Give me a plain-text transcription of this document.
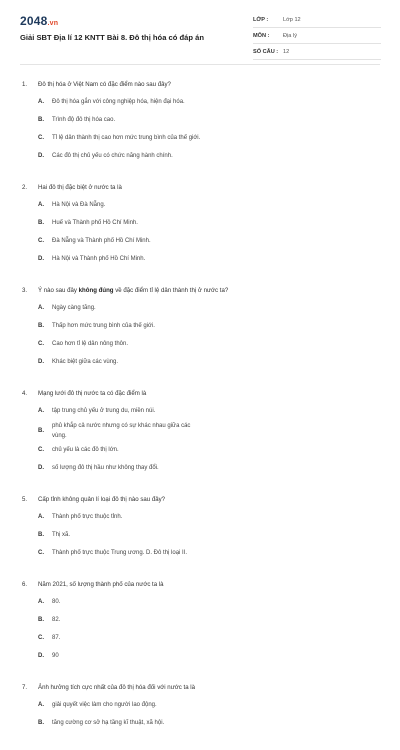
2048.vn
Giải SBT Địa lí 12 KNTT Bài 8. Đô thị hóa có đáp án
LỚP :	Lớp 12
MÔN :	Địa lý
SỐ CÂU : 12
1.	Đô thị hóa ở Việt Nam có đặc điểm nào sau đây?
A.	Đô thị hóa gắn với công nghiệp hóa, hiện đại hóa.
B.	Trình độ đô thị hóa cao.
C.	Tỉ lệ dân thành thị cao hơn mức trung bình của thế giới.
D.	Các đô thị chủ yếu có chức năng hành chính.
2.	Hai đô thị đặc biệt ở nước ta là
A.	Hà Nội và Đà Nẵng.
B.	Huế và Thành phố Hồ Chí Minh.
C.	Đà Nẵng và Thành phố Hồ Chí Minh.
D.	Hà Nội và Thành phố Hồ Chí Minh.
3.	Ý nào sau đây không đúng về đặc điểm tỉ lệ dân thành thị ở nước ta?
A.	Ngày càng tăng.
B.	Thấp hơn mức trung bình của thế giới.
C.	Cao hơn tỉ lệ dân nông thôn.
D.	Khác biệt giữa các vùng.
4.	Mạng lưới đô thị nước ta có đặc điểm là
A.	tập trung chủ yếu ở trung du, miền núi.
B.
phủ khắp cả nước nhưng có sự khác nhau giữa các vùng.
C.	chủ yếu là các đô thị lớn.
D.	số lượng đô thị hầu như không thay đổi.
5.	Cấp tỉnh không quản lí loại đô thị nào sau đây?
A.	Thành phố trực thuộc tỉnh.
B.	Thị xã.
C.	Thành phố trực thuộc Trung ương. D. Đô thị loại II.
6.	Năm 2021, số lượng thành phố của nước ta là
A.	80.
B.	82.
C.	87.
D.	90
7.	Ảnh hưởng tích cực nhất của đô thị hóa đối với nước ta là
A.	giải quyết việc làm cho người lao động.
B.	tăng cường cơ sở hạ tầng kĩ thuật, xã hội.
